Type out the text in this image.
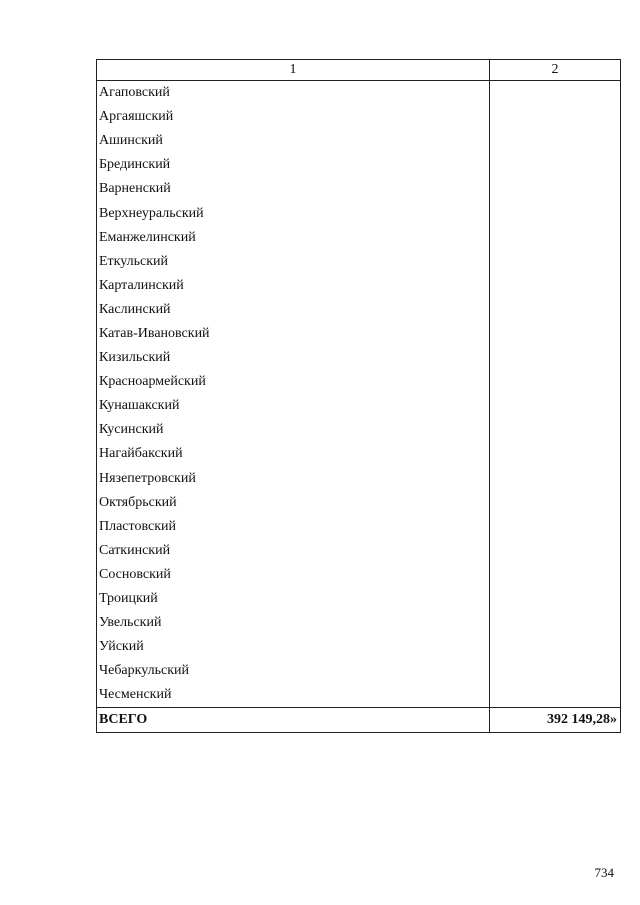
1	2
Агаповский	
Аргаяшский	
Ашинский	
Брединский	
Варненский	
Верхнеуральский	
Еманжелинский	
Еткульский	
Карталинский	
Каслинский	
Катав-Ивановский	
Кизильский	
Красноармейский	
Кунашакский	
Кусинский	
Нагайбакский	
Нязепетровский	
Октябрьский	
Пластовский	
Саткинский	
Сосновский	
Троицкий	
Увельский	
Уйский	
Чебаркульский	
Чесменский	
ВСЕГО	392 149,28»
734
